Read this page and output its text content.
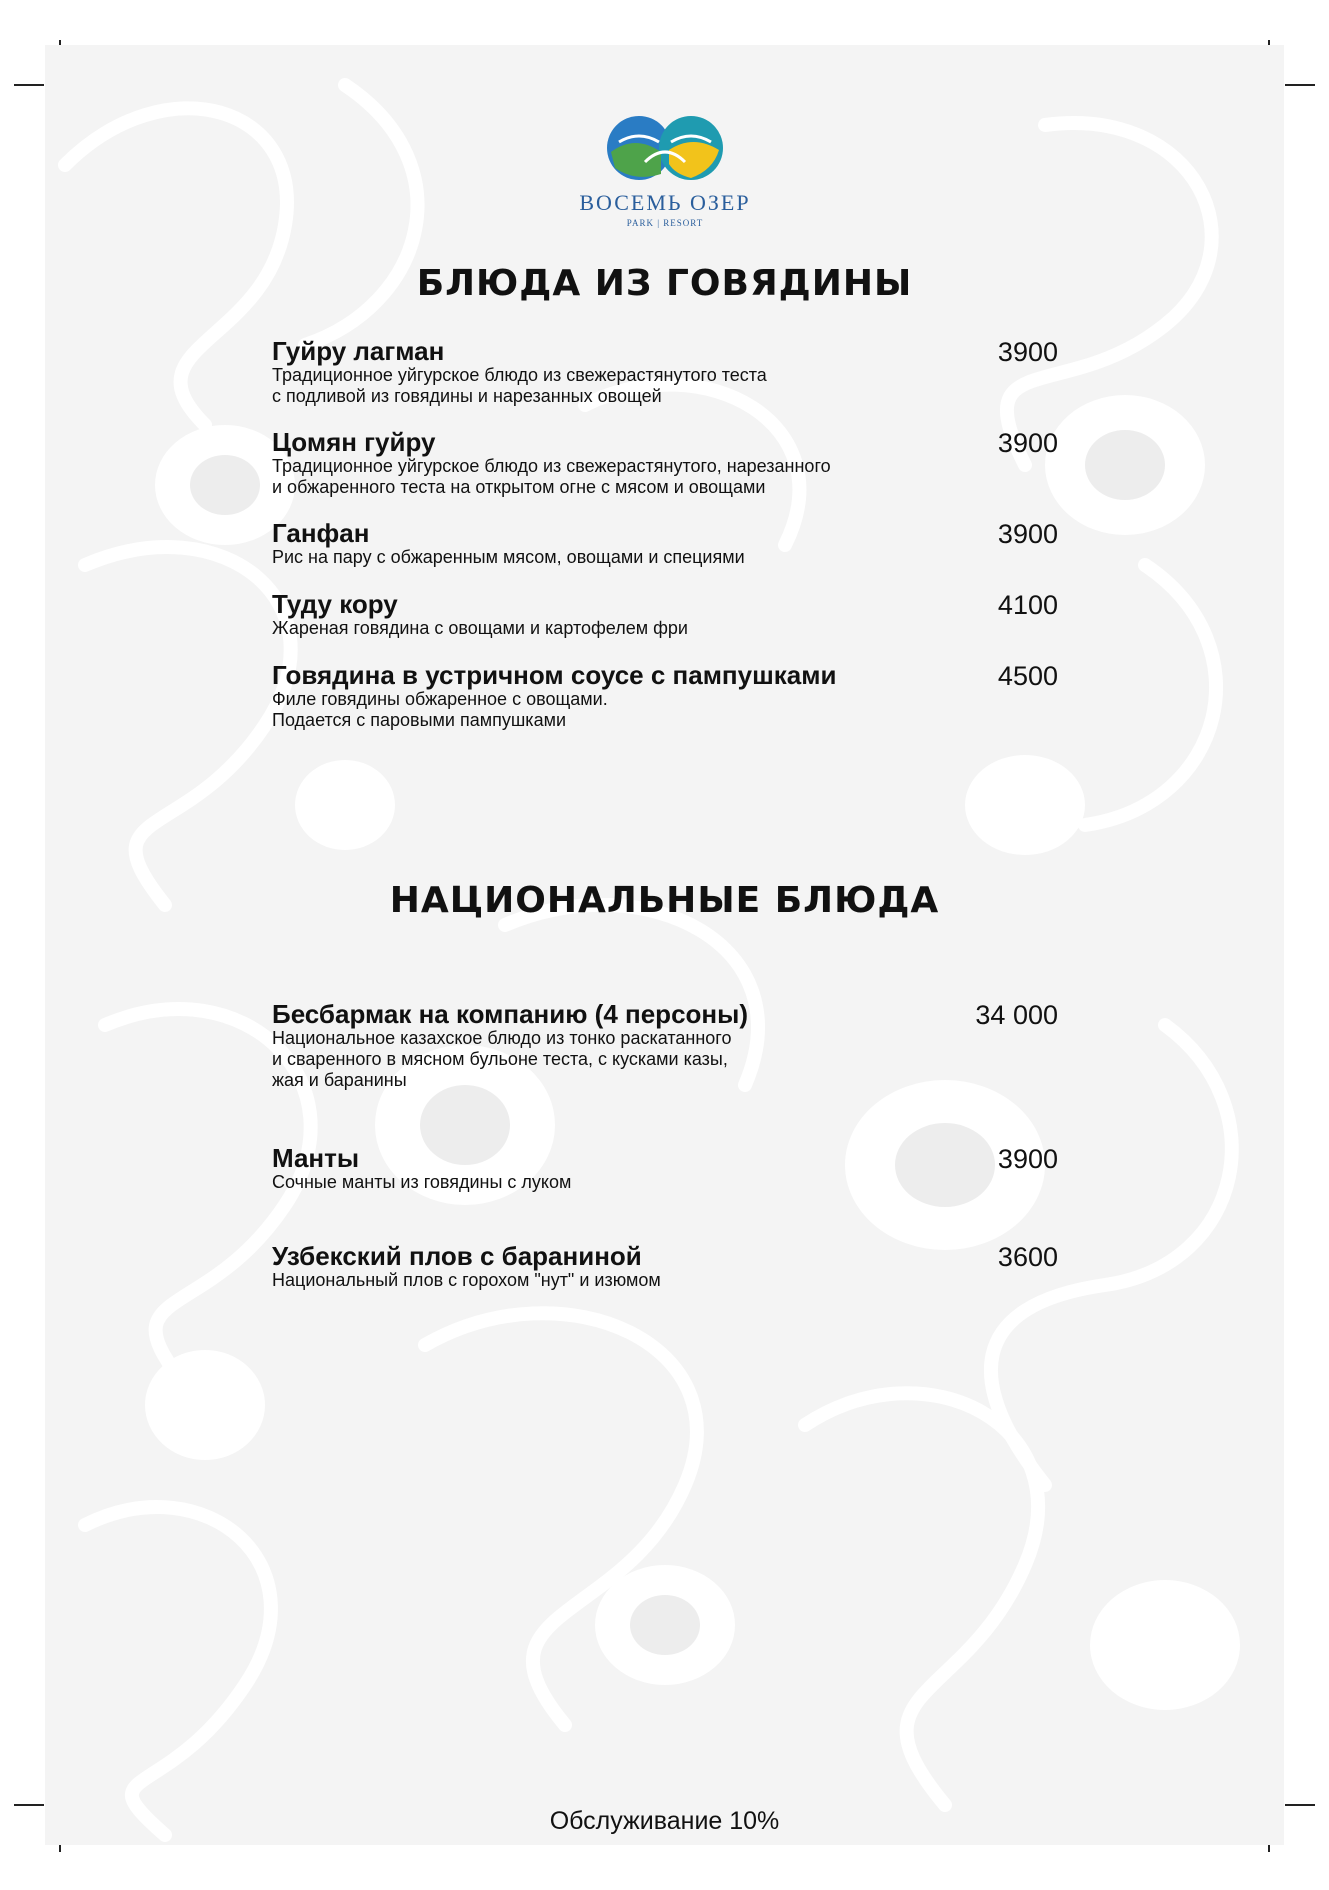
ВОСЕМЬ ОЗЕР
PARK | RESORT
БЛЮДА ИЗ ГОВЯДИНЫ
Гуйру лагман
Традиционное уйгурское блюдо из свежерастянутого теста
с подливой из говядины и нарезанных овощей
3900
Цомян гуйру
Традиционное уйгурское блюдо из свежерастянутого, нарезанного
и обжаренного теста на открытом огне с мясом и овощами
3900
Ганфан
Рис на пару с обжаренным мясом, овощами и специями
3900
Туду кору
Жареная говядина с овощами и картофелем фри
4100
Говядина в устричном соусе с пампушками
Филе говядины обжаренное с овощами.
Подается с паровыми пампушками
4500
НАЦИОНАЛЬНЫЕ БЛЮДА
Бесбармак на компанию (4 персоны)
Национальное казахское блюдо из тонко раскатанного
и сваренного в мясном бульоне теста, с кусками казы,
жая и баранины
34 000
Манты
Сочные манты из говядины с луком
3900
Узбекский плов с бараниной
Национальный плов с горохом "нут" и изюмом
3600
Обслуживание 10%
